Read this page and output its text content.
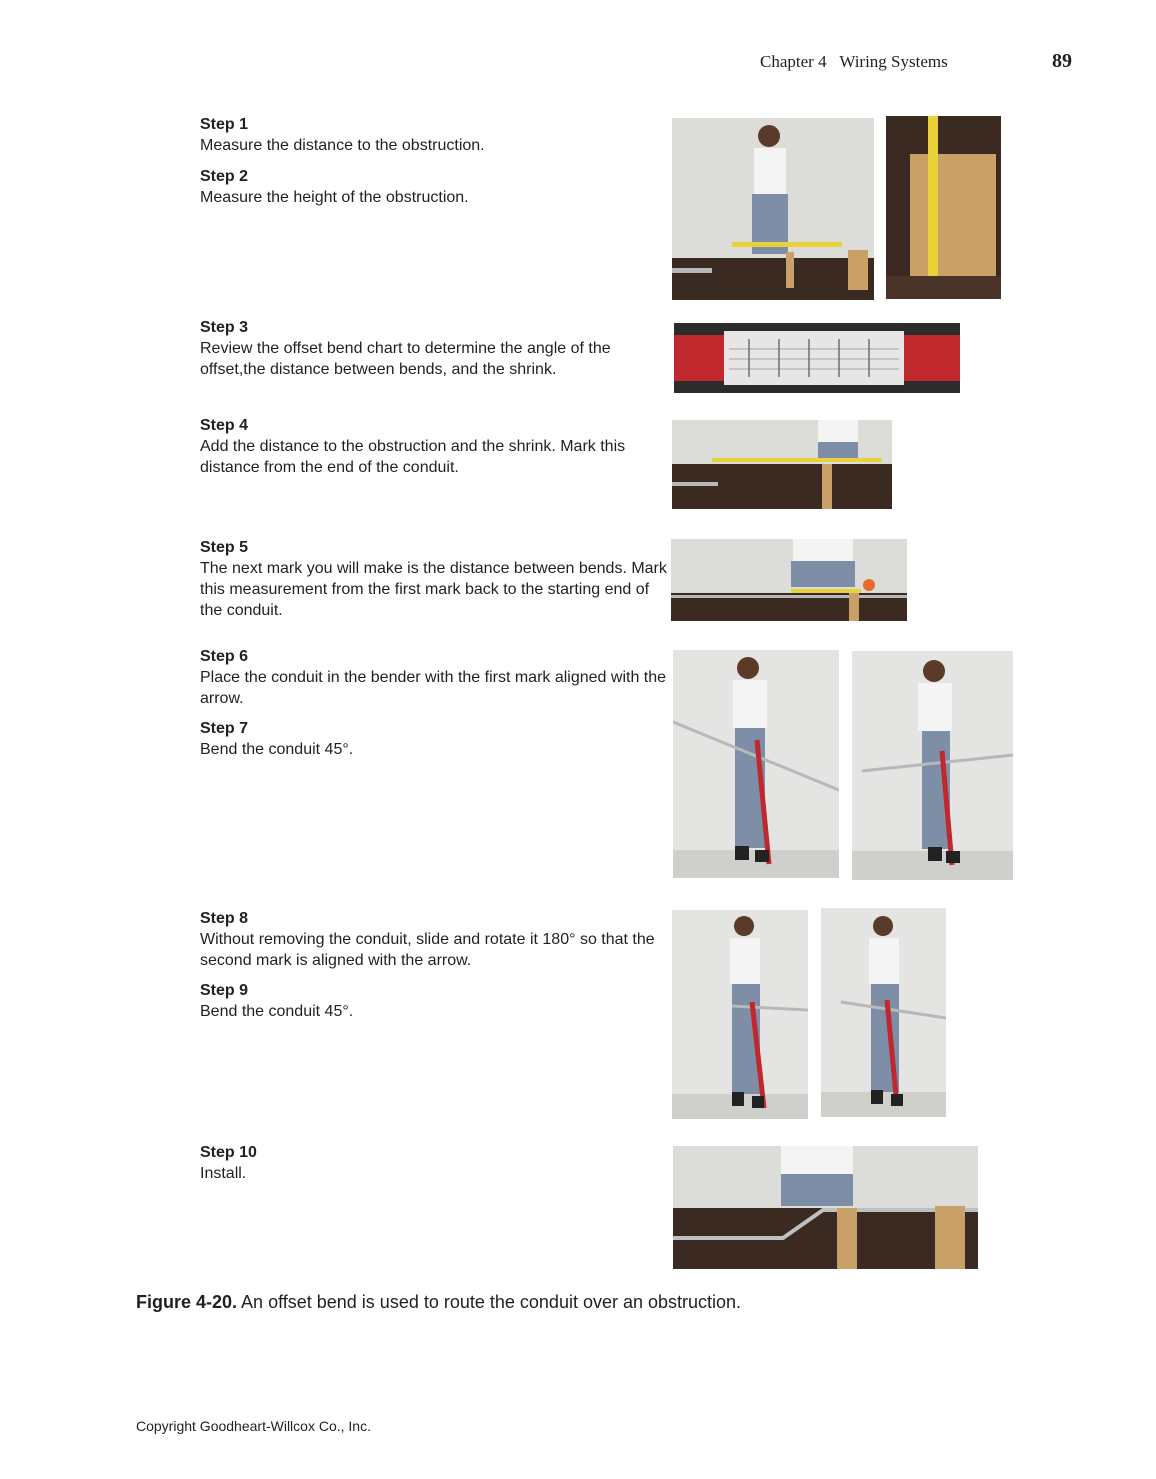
Chapter 4 Wiring Systems	89
Step 1
Measure the distance to the obstruction.
Step 2
Measure the height of the obstruction.
Step 3
Review the offset bend chart to determine the angle of the offset,the distance between bends, and the shrink.
Step 4
Add the distance to the obstruction and the shrink. Mark this distance from the end of the conduit.
Step 5
The next mark you will make is the distance between bends. Mark this measurement from the first mark back to the starting end of the conduit.
Step 6
Place the conduit in the bender with the first mark aligned with the arrow.
Step 7
Bend the conduit 45°.
Step 8
Without removing the conduit, slide and rotate it 180° so that the second mark is aligned with the arrow.
Step 9
Bend the conduit 45°.
Step 10
Install.
Figure 4-20. An offset bend is used to route the conduit over an obstruction.
Copyright Goodheart-Willcox Co., Inc.
